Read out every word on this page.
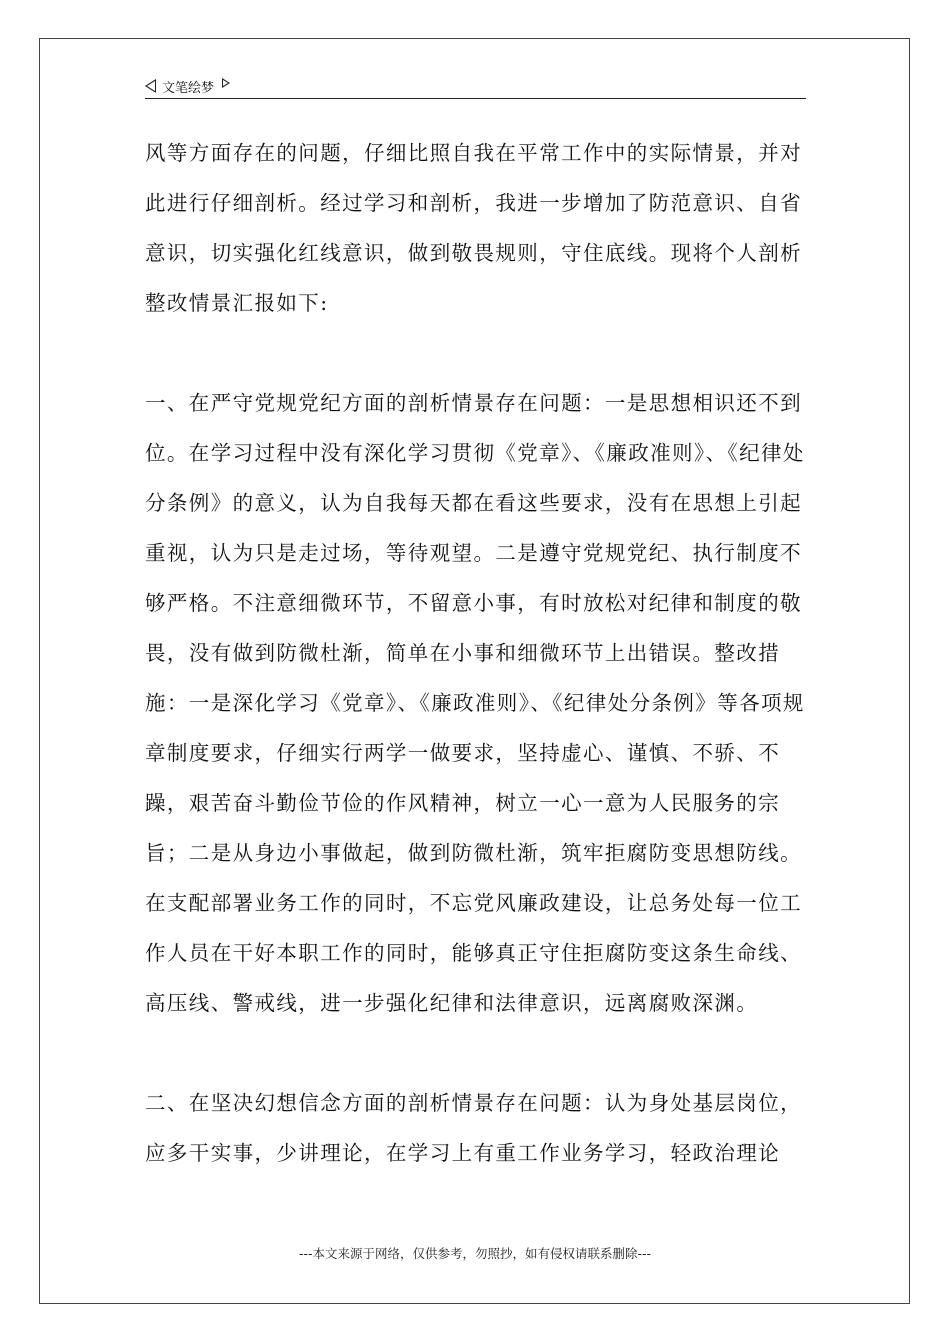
文笔绘梦

风等方面存在的问题，仔细比照自我在平常工作中的实际情景，并对此进行仔细剖析。经过学习和剖析，我进一步增加了防范意识、自省意识，切实强化红线意识，做到敬畏规则，守住底线。现将个人剖析整改情景汇报如下:

一、在严守党规党纪方面的剖析情景存在问题：一是思想相识还不到位。在学习过程中没有深化学习贯彻《党章》、《廉政准则》、《纪律处分条例》的意义，认为自我每天都在看这些要求，没有在思想上引起重视，认为只是走过场，等待观望。二是遵守党规党纪、执行制度不够严格。不注意细微环节，不留意小事，有时放松对纪律和制度的敬畏，没有做到防微杜渐，简单在小事和细微环节上出错误。整改措施：一是深化学习《党章》、《廉政准则》、《纪律处分条例》等各项规章制度要求，仔细实行两学一做要求，坚持虚心、谨慎、不骄、不躁，艰苦奋斗勤俭节俭的作风精神，树立一心一意为人民服务的宗旨；二是从身边小事做起，做到防微杜渐，筑牢拒腐防变思想防线。在支配部署业务工作的同时，不忘党风廉政建设，让总务处每一位工作人员在干好本职工作的同时，能够真正守住拒腐防变这条生命线、高压线、警戒线，进一步强化纪律和法律意识，远离腐败深渊。

二、在坚决幻想信念方面的剖析情景存在问题：认为身处基层岗位，应多干实事，少讲理论，在学习上有重工作业务学习，轻政治理论

---本文来源于网络，仅供参考，勿照抄，如有侵权请联系删除---
